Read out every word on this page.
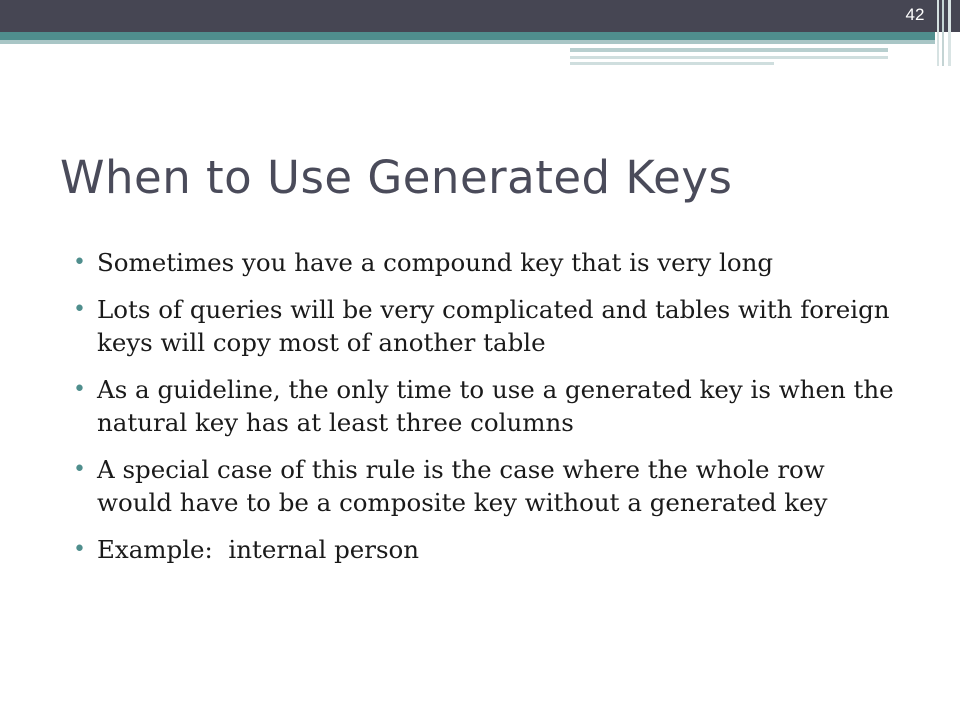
42
When to Use Generated Keys
• Sometimes you have a compound key that is very long
• Lots of queries will be very complicated and tables with foreign keys will copy most of another table
• As a guideline, the only time to use a generated key is when the natural key has at least three columns
• A special case of this rule is the case where the whole row would have to be a composite key without a generated key
• Example:  internal person
